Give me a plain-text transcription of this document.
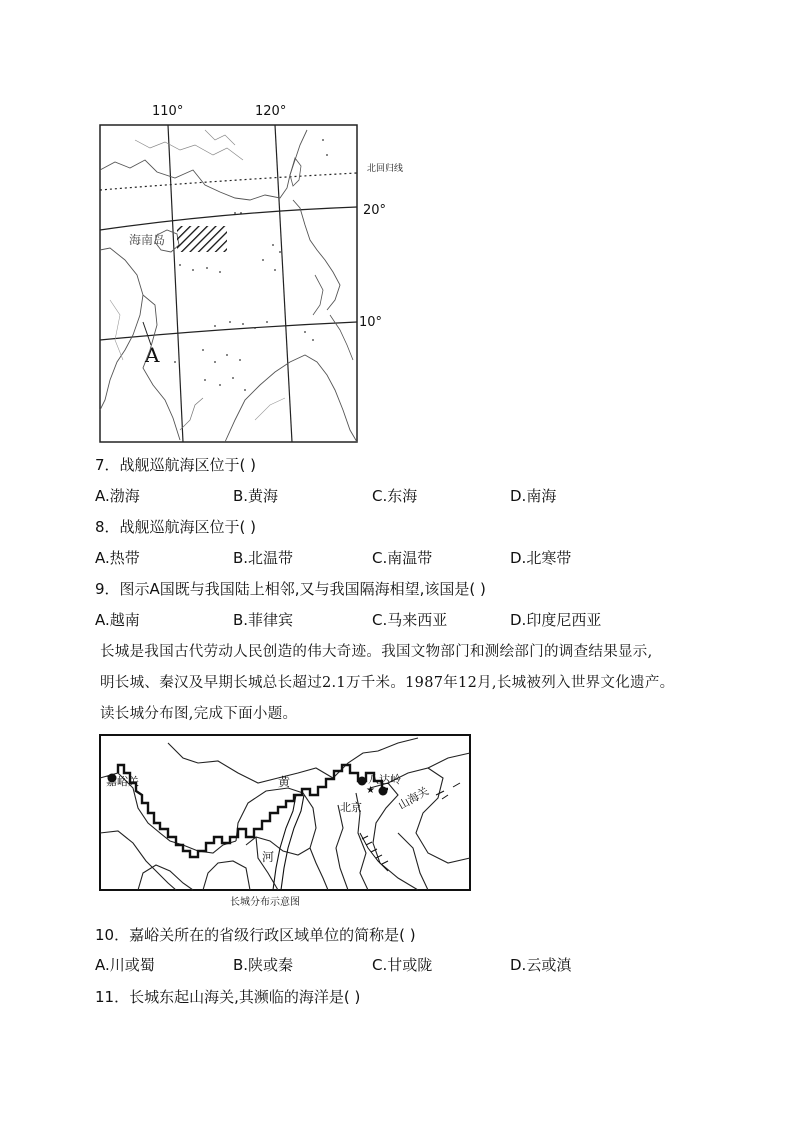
110°	120°
北回归线
20°
10°
海南岛
A
7．战舰巡航海区位于( )
A.渤海	B.黄海	C.东海	D.南海
8．战舰巡航海区位于( )
A.热带	B.北温带	C.南温带	D.北寒带
9．图示A国既与我国陆上相邻,又与我国隔海相望,该国是( )
A.越南	B.菲律宾	C.马来西亚	D.印度尼西亚
长城是我国古代劳动人民创造的伟大奇迹。我国文物部门和测绘部门的调查结果显示,
明长城、秦汉及早期长城总长超过2.1万千米。1987年12月,长城被列入世界文化遗产。
读长城分布图,完成下面小题。
★
嘉峪关	黄
河
八达岭
北京	山海关
长城分布示意图
10．嘉峪关所在的省级行政区域单位的简称是( )
A.川或蜀	B.陕或秦	C.甘或陇	D.云或滇
11．长城东起山海关,其濒临的海洋是( )
